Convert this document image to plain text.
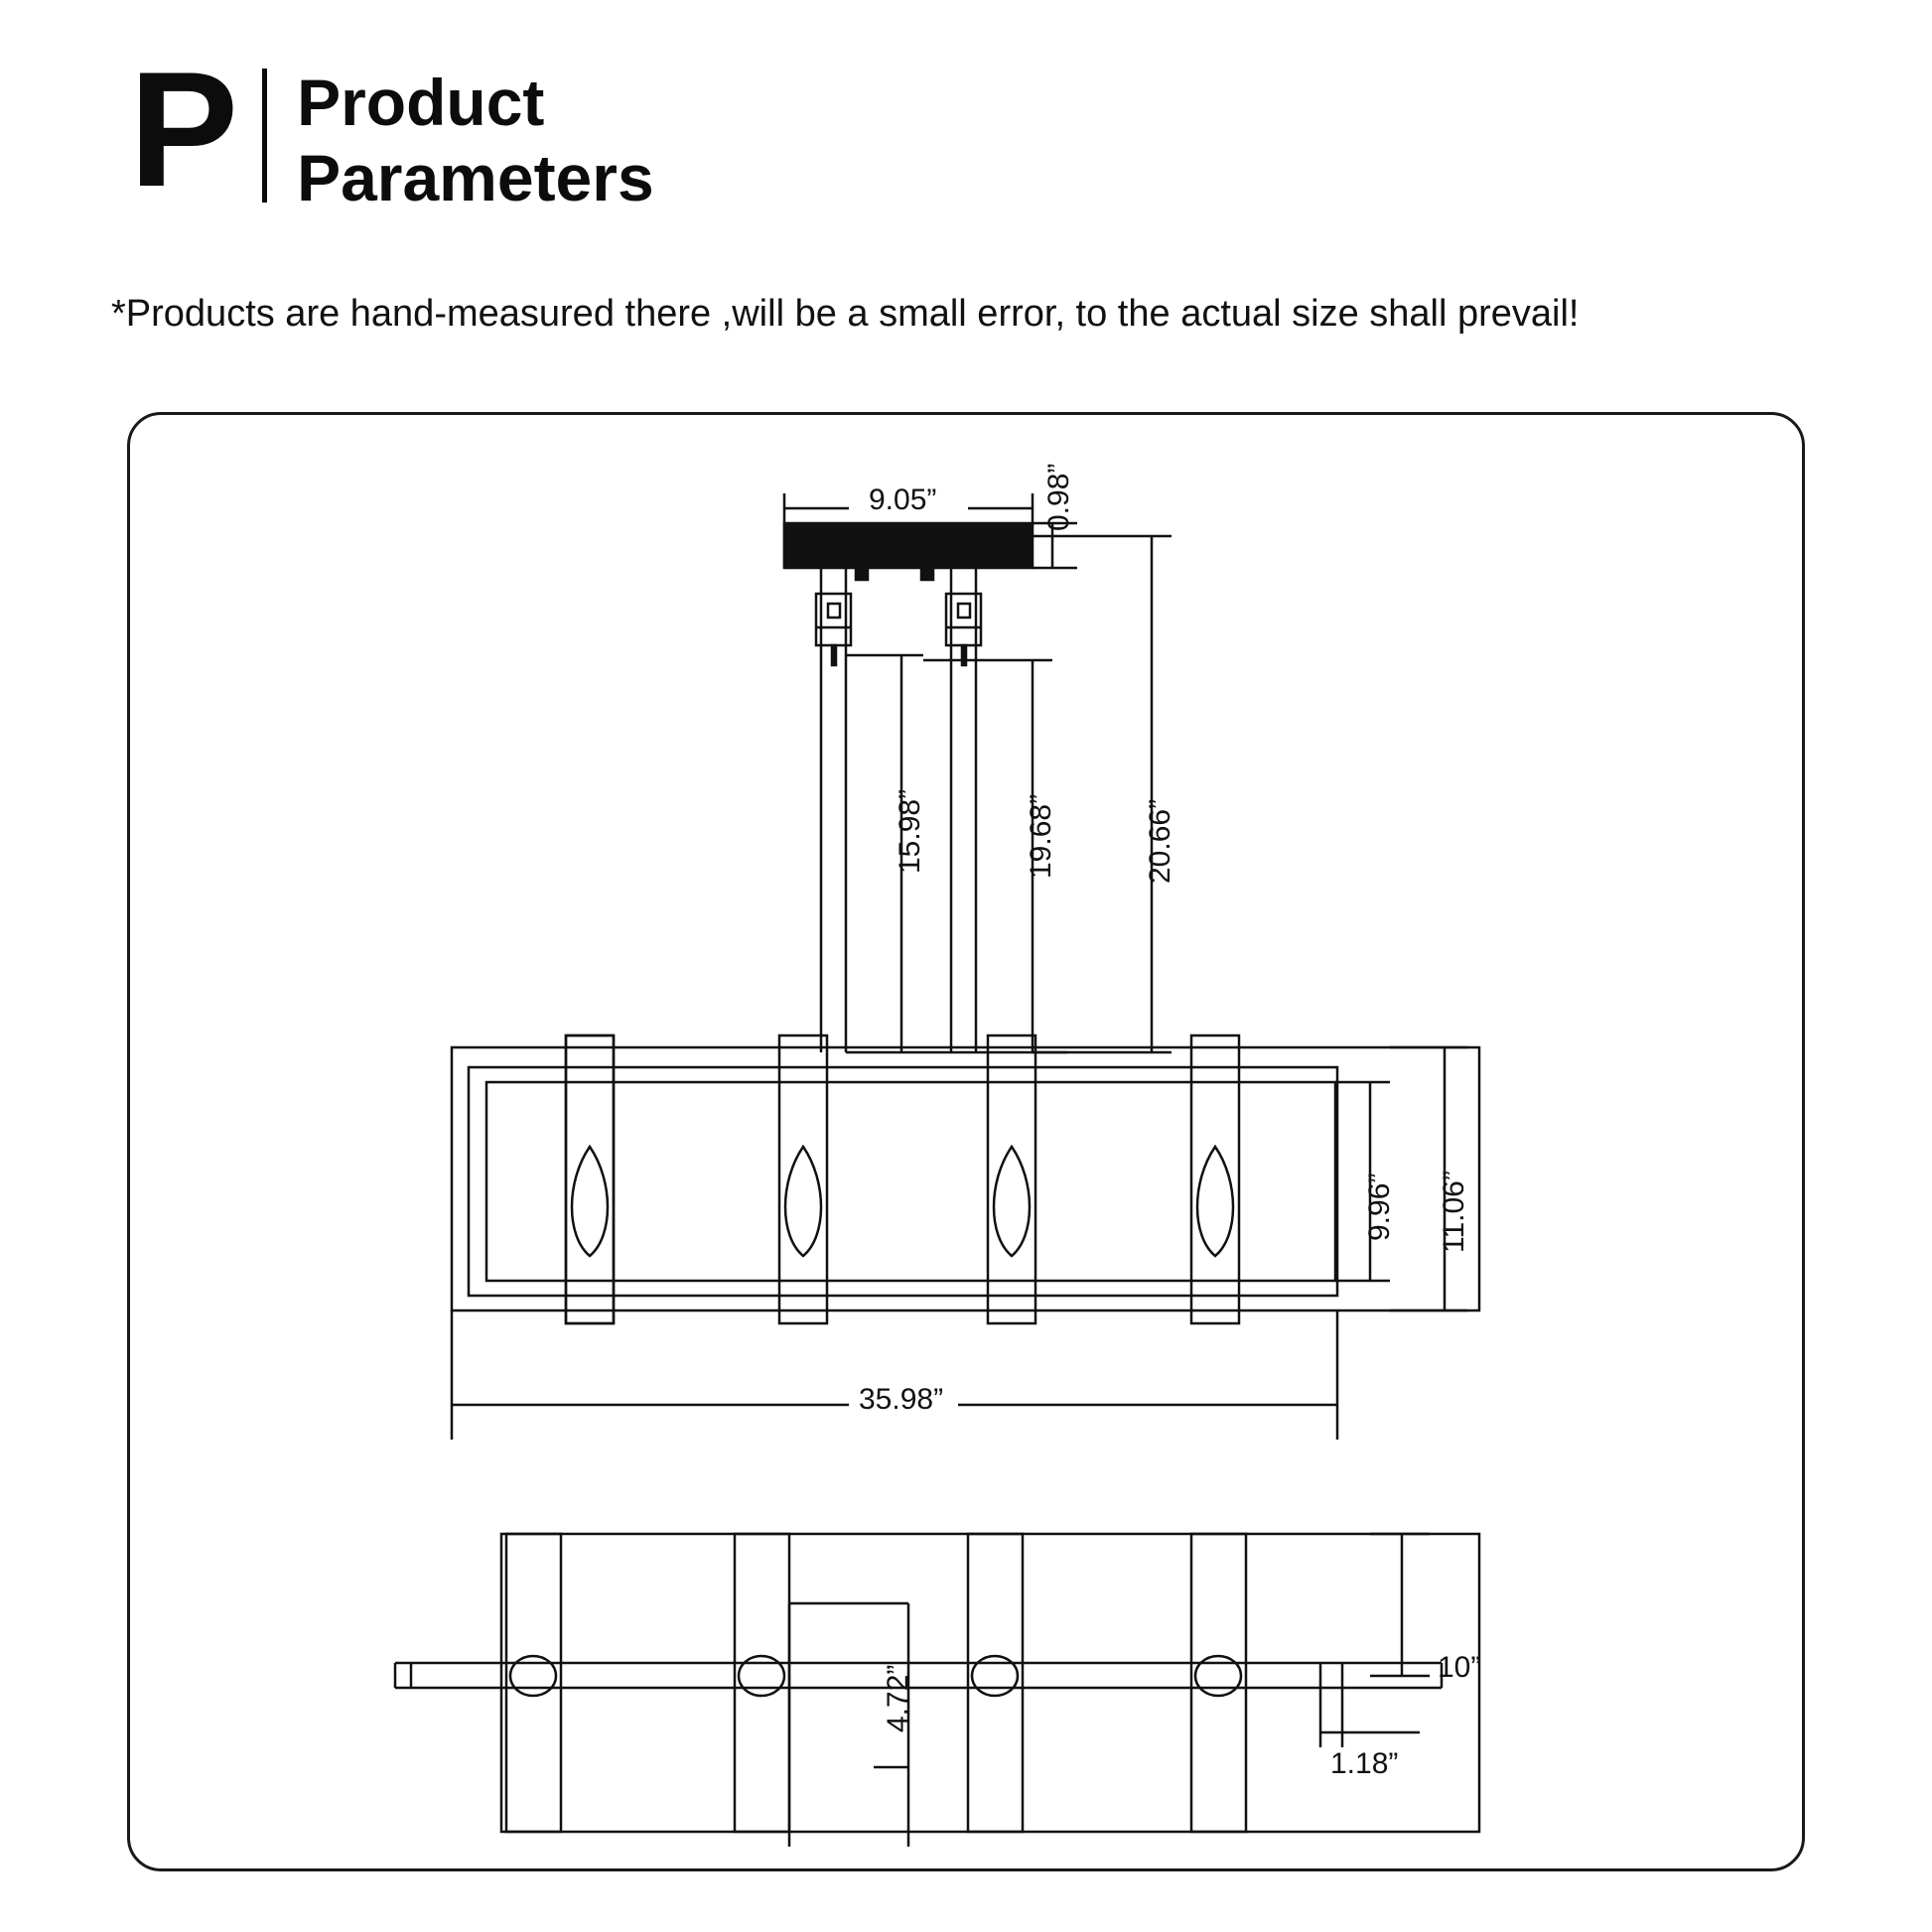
P Product
Parameters
*Products are hand-measured there ,will be a small error, to the actual size shall prevail!
9.05”	0.98”
15.98”	19.68”	20.66”
9.96” 11.06”
35.98”
10”
1.18”
4.72”
